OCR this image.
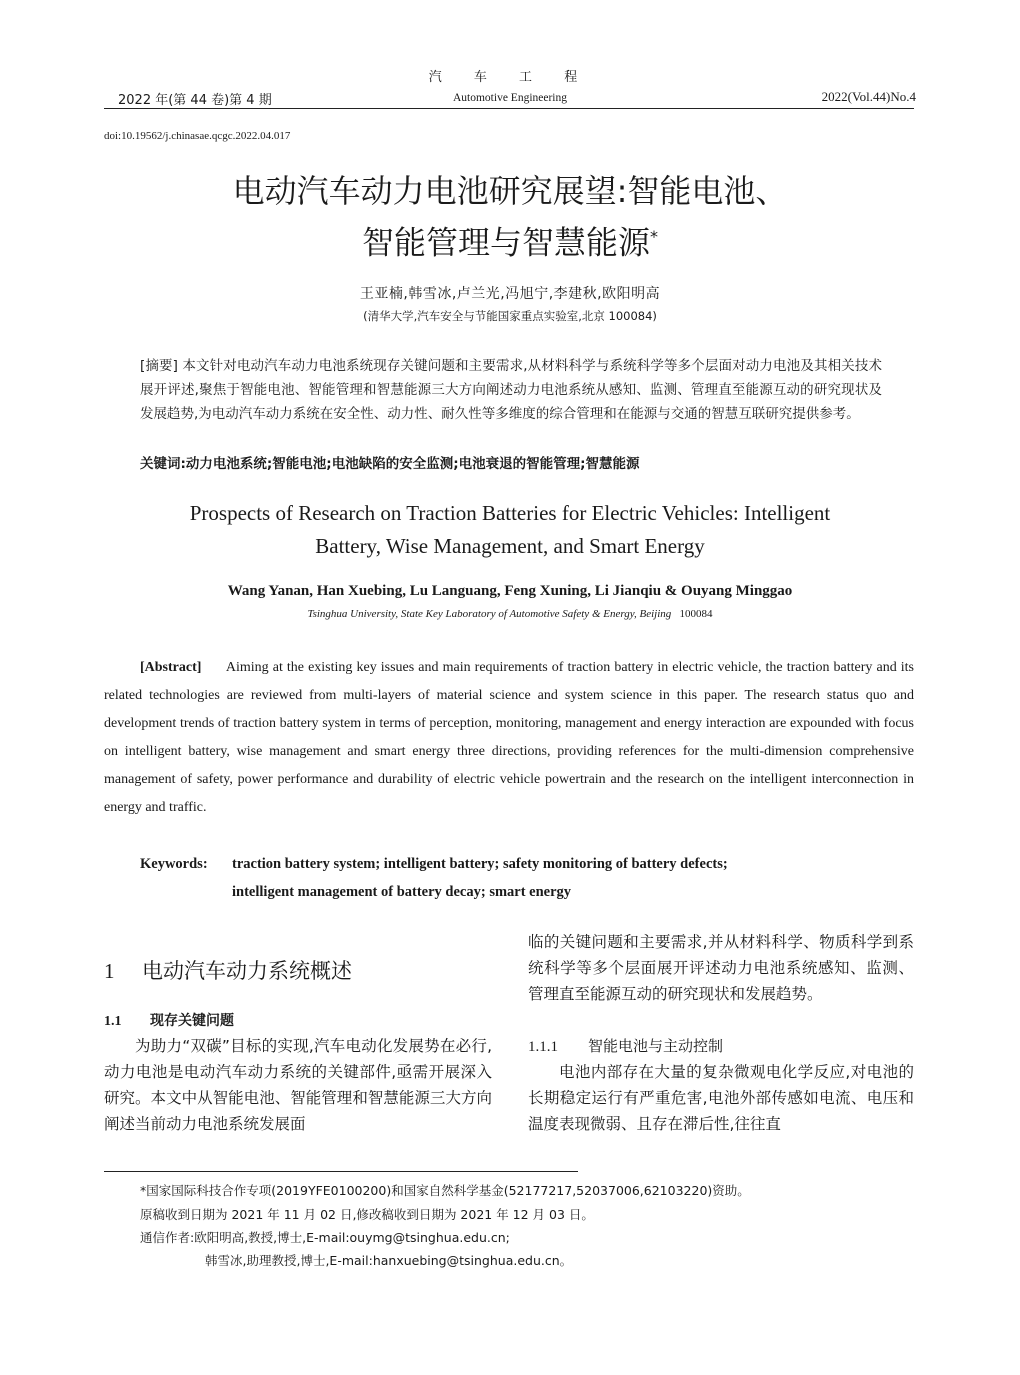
汽 车 工 程
2022 年(第 44 卷)第 4 期	Automotive Engineering	2022(Vol.44)No.4
doi:10.19562/j.chinasae.qcgc.2022.04.017
电动汽车动力电池研究展望:智能电池、
智能管理与智慧能源*
王亚楠,韩雪冰,卢兰光,冯旭宁,李建秋,欧阳明高
(清华大学,汽车安全与节能国家重点实验室,北京 100084)
[摘要] 本文针对电动汽车动力电池系统现存关键问题和主要需求,从材料科学与系统科学等多个层面对动力电池及其相关技术展开评述,聚焦于智能电池、智能管理和智慧能源三大方向阐述动力电池系统从感知、监测、管理直至能源互动的研究现状及发展趋势,为电动汽车动力系统在安全性、动力性、耐久性等多维度的综合管理和在能源与交通的智慧互联研究提供参考。
关键词:动力电池系统;智能电池;电池缺陷的安全监测;电池衰退的智能管理;智慧能源
Prospects of Research on Traction Batteries for Electric Vehicles: Intelligent
Battery, Wise Management, and Smart Energy
Wang Yanan, Han Xuebing, Lu Languang, Feng Xuning, Li Jianqiu & Ouyang Minggao
Tsinghua University, State Key Laboratory of Automotive Safety & Energy, Beijing 100084
[Abstract] Aiming at the existing key issues and main requirements of traction battery in electric vehicle, the traction battery and its related technologies are reviewed from multi-layers of material science and system science in this paper. The research status quo and development trends of traction battery system in terms of perception, monitoring, management and energy interaction are expounded with focus on intelligent battery, wise management and smart energy three directions, providing references for the multi-dimension comprehensive management of safety, power performance and durability of electric vehicle powertrain and the research on the intelligent interconnection in energy and traffic.
Keywords: traction battery system; intelligent battery; safety monitoring of battery defects;
intelligent management of battery decay; smart energy
1 电动汽车动力系统概述
1.1 现存关键问题
为助力“双碳”目标的实现,汽车电动化发展势在必行,动力电池是电动汽车动力系统的关键部件,亟需开展深入研究。本文中从智能电池、智能管理和智慧能源三大方向阐述当前动力电池系统发展面
临的关键问题和主要需求,并从材料科学、物质科学到系统科学等多个层面展开评述动力电池系统感知、监测、管理直至能源互动的研究现状和发展趋势。
1.1.1 智能电池与主动控制
电池内部存在大量的复杂微观电化学反应,对电池的长期稳定运行有严重危害,电池外部传感如电流、电压和温度表现微弱、且存在滞后性,往往直
*国家国际科技合作专项(2019YFE0100200)和国家自然科学基金(52177217,52037006,62103220)资助。
原稿收到日期为 2021 年 11 月 02 日,修改稿收到日期为 2021 年 12 月 03 日。
通信作者:欧阳明高,教授,博士,E-mail:ouymg@tsinghua.edu.cn;
韩雪冰,助理教授,博士,E-mail:hanxuebing@tsinghua.edu.cn。
